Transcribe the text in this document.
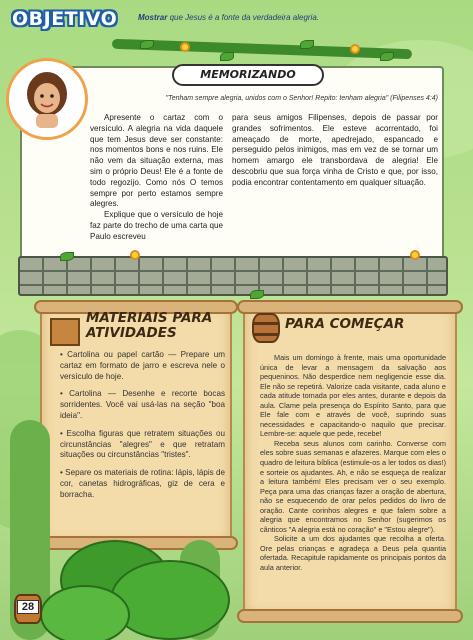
OBJETIVO	Mostrar que Jesus é a fonte da verdadeira alegria.
MEMORIZANDO
"Tenham sempre alegria, unidos com o Senhor! Repito: tenham alegria" (Filipenses 4:4)

Apresente o cartaz com o versículo. A alegria na vida daquele que tem Jesus deve ser constante: nos momentos bons e nos ruins. Ele não vem da situação externa, mas sim o próprio Deus! Ele é a fonte de todo regozijo. Como nós O temos sempre por perto estamos sempre alegres.

Explique que o versículo de hoje faz parte do trecho de uma carta que Paulo escreveu

para seus amigos Filipenses, depois de passar por grandes sofrimentos. Ele esteve acorrentado, foi ameaçado de morte, apedrejado, espancado e perseguido pelos inimigos, mas em vez de se tornar um homem amargo ele transbordava de alegria! Ele descobriu que sua força vinha de Cristo e que, por isso, podia encontrar contentamento em qualquer situação.

MATERIAIS PARA
ATIVIDADES
• Cartolina ou papel cartão — Prepare um cartaz em formato de jarro e escreva nele o versículo de hoje.
• Cartolina — Desenhe e recorte bocas sorridentes. Você vai usá-las na seção "boa ideia".
• Escolha figuras que retratem situações ou circunstâncias "alegres" e que retratam situações ou circunstâncias "tristes".
• Separe os materiais de rotina: lápis, lápis de cor, canetas hidrográficas, giz de cera e borracha.
PARA COMEÇAR

Mais um domingo à frente, mais uma oportunidade única de levar a mensagem da salvação aos pequeninos. Não desperdice nem negligencie esse dia. Ele não se repetirá. Valorize cada visitante, cada aluno e cada atitude tomada por eles antes, durante e depois da aula. Clame pela presença do Espírito Santo, para que Ele fale com e através de você, suprindo suas necessidades e capacitando-o naquilo que precisar. Lembre-se: aquele que pede, recebe!

Receba seus alunos com carinho. Converse com eles sobre suas semanas e afazeres. Marque com eles o quadro de leitura bíblica (estimule-os a ler todos os dias!) e sorteie os ajudantes. Ah, e não se esqueça de realizar a leitura também! Eles precisam ver o seu exemplo. Peça para uma das crianças fazer a oração de abertura, não se esquecendo de orar pelos pedidos do livro de oração. Cante corinhos alegres e que falem sobre a alegria que encontramos no Senhor (sugerimos os cânticos "A alegria está no coração" e "Estou alegre").

Solicite a um dos ajudantes que recolha a oferta. Ore pelas crianças e agradeça a Deus pela quantia ofertada. Recapitule rapidamente os principais pontos da aula anterior.

28
